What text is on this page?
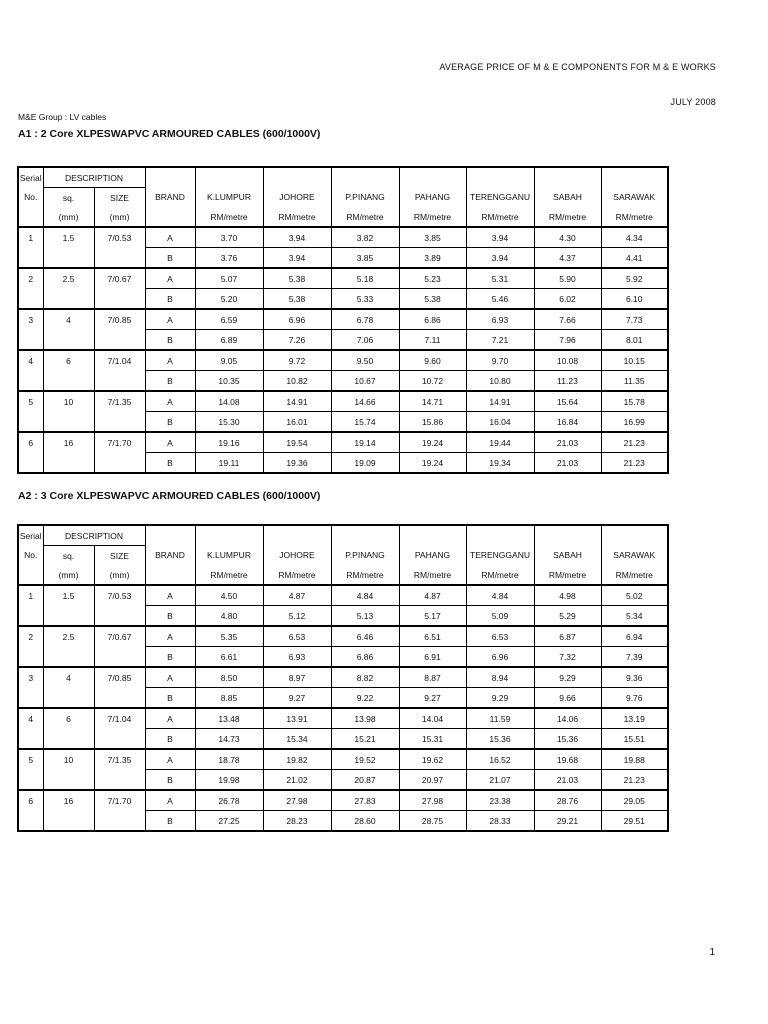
AVERAGE PRICE OF M & E COMPONENTS FOR M & E WORKS
JULY 2008
M&E Group : LV cables
A1 : 2 Core XLPESWAPVC ARMOURED CABLES (600/1000V)
Serial	DESCRIPTION									
No.	sq.	SIZE	BRAND	K.LUMPUR	JOHORE	P.PINANG	PAHANG	TERENGGANU	SABAH	SARAWAK
	(mm)	(mm)		RM/metre	RM/metre	RM/metre	RM/metre	RM/metre	RM/metre	RM/metre
1	1.5	7/0.53	A	3.70	3.94	3.82	3.85	3.94	4.30	4.34
			B	3.76	3.94	3.85	3.89	3.94	4.37	4.41
2	2.5	7/0.67	A	5.07	5.38	5.18	5.23	5.31	5.90	5.92
			B	5.20	5.38	5.33	5.38	5.46	6.02	6.10
3	4	7/0.85	A	6.59	6.96	6.78	6.86	6.93	7.66	7.73
			B	6.89	7.26	7.06	7.11	7.21	7.96	8.01
4	6	7/1.04	A	9.05	9.72	9.50	9.60	9.70	10.08	10.15
			B	10.35	10.82	10.67	10.72	10.80	11.23	11.35
5	10	7/1.35	A	14.08	14.91	14.66	14.71	14.91	15.64	15.78
			B	15.30	16.01	15.74	15.86	16.04	16.84	16.99
6	16	7/1.70	A	19.16	19.54	19.14	19.24	19.44	21.03	21.23
			B	19.11	19.36	19.09	19.24	19.34	21.03	21.23
A2 : 3 Core XLPESWAPVC ARMOURED CABLES (600/1000V)
Serial	DESCRIPTION									
No.	sq.	SIZE	BRAND	K.LUMPUR	JOHORE	P.PINANG	PAHANG	TERENGGANU	SABAH	SARAWAK
	(mm)	(mm)		RM/metre	RM/metre	RM/metre	RM/metre	RM/metre	RM/metre	RM/metre
1	1.5	7/0.53	A	4.50	4.87	4.84	4.87	4.84	4.98	5.02
			B	4.80	5.12	5.13	5.17	5.09	5.29	5.34
2	2.5	7/0.67	A	5.35	6.53	6.46	6.51	6.53	6.87	6.94
			B	6.61	6.93	6.86	6.91	6.96	7.32	7.39
3	4	7/0.85	A	8.50	8.97	8.82	8.87	8.94	9.29	9.36
			B	8.85	9.27	9.22	9.27	9.29	9.66	9.76
4	6	7/1.04	A	13.48	13.91	13.98	14.04	11.59	14.06	13.19
			B	14.73	15.34	15.21	15.31	15.36	15.36	15.51
5	10	7/1.35	A	18.78	19.82	19.52	19.62	16.52	19.68	19.88
			B	19.98	21.02	20.87	20.97	21.07	21.03	21.23
6	16	7/1.70	A	26.78	27.98	27.83	27.98	23.38	28.76	29.05
			B	27.25	28.23	28.60	28.75	28.33	29.21	29.51
1
